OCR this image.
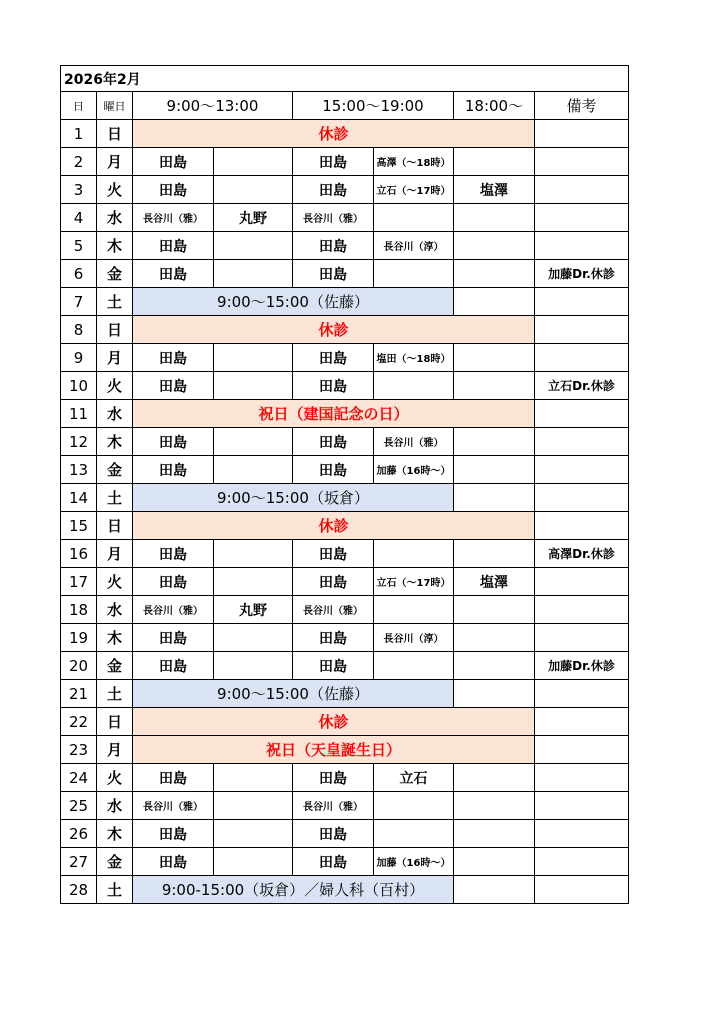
2026年2月							
日	曜日	9:00〜13:00		15:00〜19:00		18:00〜	備考
1	日	休診					
2	月	田島		田島	高澤（〜18時）		
3	火	田島		田島	立石（〜17時）	塩澤	
4	水	長谷川（雅）	丸野	長谷川（雅）			
5	木	田島		田島	長谷川（淳）		
6	金	田島		田島			加藤Dr.休診
7	土	9:00〜15:00（佐藤）					
8	日	休診					
9	月	田島		田島	塩田（〜18時）		
10	火	田島		田島			立石Dr.休診
11	水	祝日（建国記念の日）					
12	木	田島		田島	長谷川（雅）		
13	金	田島		田島	加藤（16時〜）		
14	土	9:00〜15:00（坂倉）					
15	日	休診					
16	月	田島		田島			高澤Dr.休診
17	火	田島		田島	立石（〜17時）	塩澤	
18	水	長谷川（雅）	丸野	長谷川（雅）			
19	木	田島		田島	長谷川（淳）		
20	金	田島		田島			加藤Dr.休診
21	土	9:00〜15:00（佐藤）					
22	日	休診					
23	月	祝日（天皇誕生日）					
24	火	田島		田島	立石		
25	水	長谷川（雅）		長谷川（雅）			
26	木	田島		田島			
27	金	田島		田島	加藤（16時〜）		
28	土	9:00-15:00（坂倉）／婦人科（百村）					
